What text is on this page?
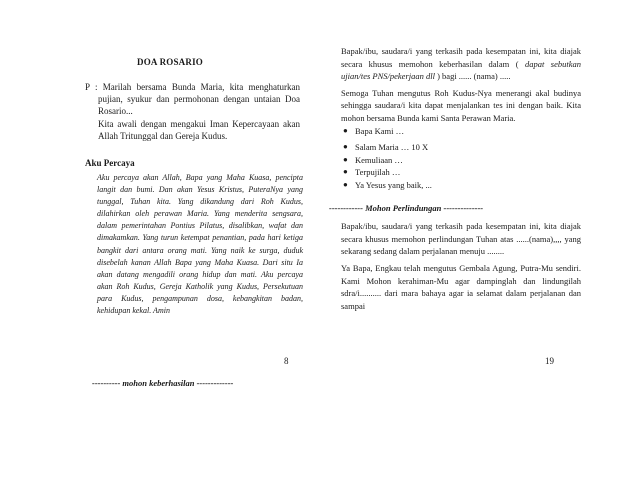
DOA ROSARIO
P : Marilah bersama Bunda Maria, kita menghaturkan pujian, syukur dan permohonan dengan untaian Doa Rosario...
Kita awali dengan mengakui Iman Kepercayaan akan Allah Tritunggal dan Gereja Kudus.
Aku Percaya
Aku percaya akan Allah, Bapa yang Maha Kuasa, pencipta langit dan bumi. Dan akan Yesus Kristus, PuteraNya yang tunggal, Tuhan kita. Yang dikandung dari Roh Kudus, dilahirkan oleh perawan Maria. Yang menderita sengsara, dalam pemerintahan Pontius Pilatus, disalibkan, wafat dan dimakamkan. Yang turun ketempat penantian, pada hari ketiga bangkit dari antara orang mati. Yang naik ke surga, duduk disebelah kanan Allah Bapa yang Maha Kuasa. Dari situ Ia akan datang mengadili orang hidup dan mati. Aku percaya akan Roh Kudus, Gereja Katholik yang Kudus, Persekutuan para Kudus, pengampunan dosa, kebangkitan badan, kehidupan kekal. Amin
8
---------- mohon keberhasilan -------------

Bapak/ibu, saudara/i yang terkasih pada kesempatan ini, kita diajak secara khusus memohon keberhasilan dalam ( dapat sebutkan ujian/tes PNS/pekerjaan dll ) bagi ...... (nama) .....

Semoga Tuhan mengutus Roh Kudus-Nya menerangi akal budinya sehingga saudara/i kita dapat menjalankan tes ini dengan baik. Kita mohon bersama Bunda kami Santa Perawan Maria.

● Bapa Kami …
● Salam Maria … 10 X
● Kemuliaan …
● Terpujilah …
● Ya Yesus yang baik, ...
------------ Mohon Perlindungan --------------

Bapak/ibu, saudara/i yang terkasih pada kesempatan ini, kita diajak secara khusus memohon perlindungan Tuhan atas ......(nama),,,, yang sekarang sedang dalam perjalanan menuju ........

Ya Bapa, Engkau telah mengutus Gembala Agung, Putra-Mu sendiri. Kami Mohon kerahiman-Mu agar dampinglah dan lindungilah sdra/i.......... dari mara bahaya agar ia selamat dalam perjalanan dan sampai

19
